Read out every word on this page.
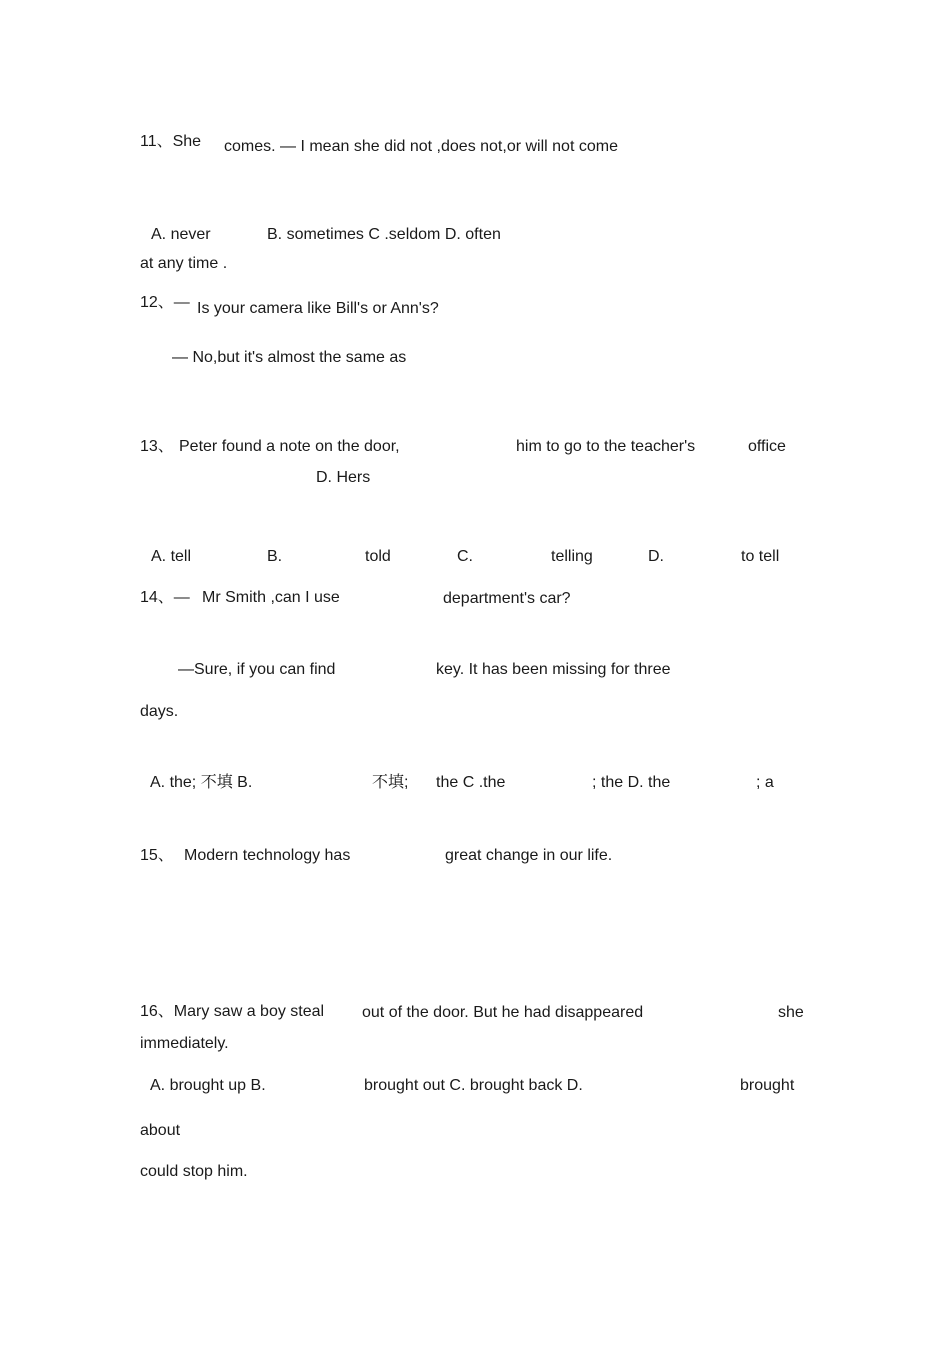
11、She comes. — I mean she did not ,does not,or will not come
A. never	B. sometimes C .seldom D. often
at any time .
12、— Is your camera like Bill's or Ann's?
— No,but it's almost the same as
13、 Peter found a note on the door,	him to go to the teacher's	office
D. Hers
A. tell	B.	told	C.	telling	D.	to tell
14、— Mr Smith ,can I use	department's car?
—Sure, if you can find	key. It has been missing for three
days.
A. the; 不填 B.	不填; the C .the	; the D. the	; a
15、 Modern technology has	great change in our life.
16、Mary saw a boy steal out of the door. But he had disappeared	she
immediately.
A. brought up B.	brought out C. brought back D.	brought
about
could stop him.
